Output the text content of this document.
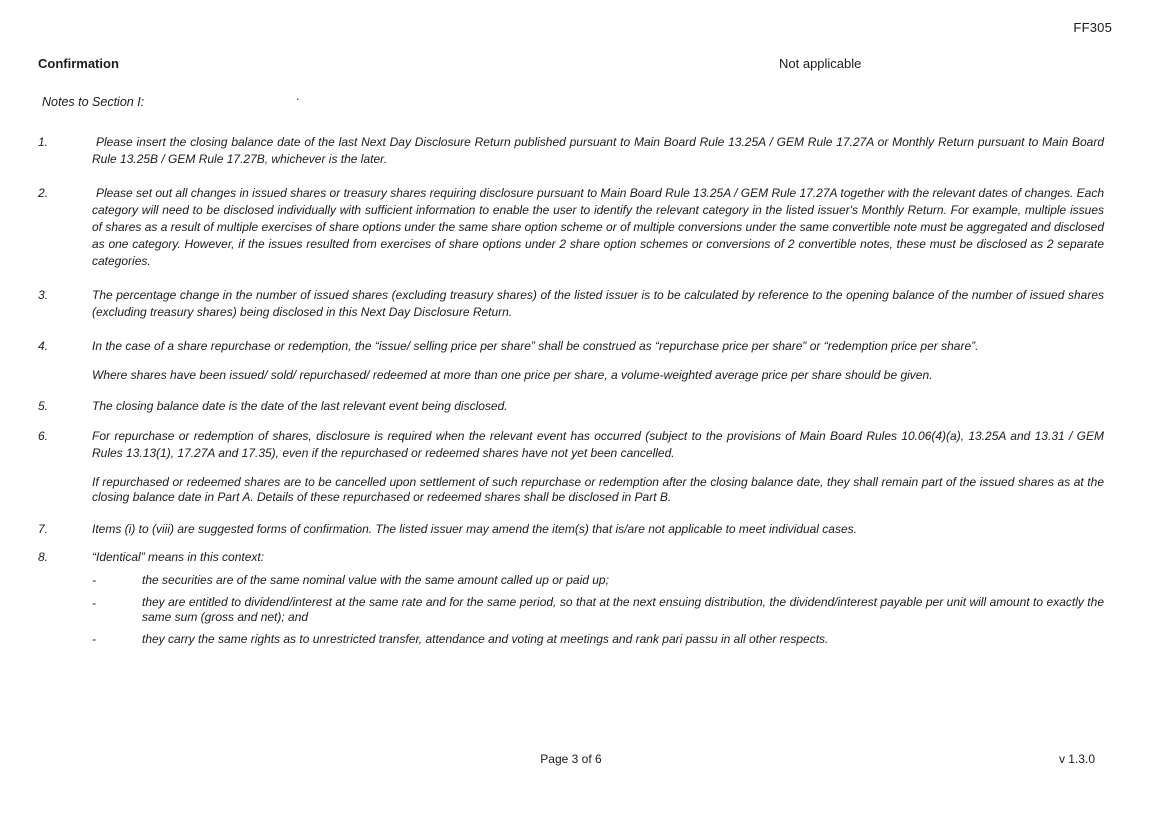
FF305
Confirmation	Not applicable
Notes to Section I:	.
1.	Please insert the closing balance date of the last Next Day Disclosure Return published pursuant to Main Board Rule 13.25A / GEM Rule 17.27A or Monthly Return pursuant to Main Board Rule 13.25B / GEM Rule 17.27B, whichever is the later.

2.	Please set out all changes in issued shares or treasury shares requiring disclosure pursuant to Main Board Rule 13.25A / GEM Rule 17.27A together with the relevant dates of changes. Each category will need to be disclosed individually with sufficient information to enable the user to identify the relevant category in the listed issuer's Monthly Return. For example, multiple issues of shares as a result of multiple exercises of share options under the same share option scheme or of multiple conversions under the same convertible note must be aggregated and disclosed as one category. However, if the issues resulted from exercises of share options under 2 share option schemes or conversions of 2 convertible notes, these must be disclosed as 2 separate categories.

3.	The percentage change in the number of issued shares (excluding treasury shares) of the listed issuer is to be calculated by reference to the opening balance of the number of issued shares (excluding treasury shares) being disclosed in this Next Day Disclosure Return.

4.	In the case of a share repurchase or redemption, the “issue/ selling price per share” shall be construed as “repurchase price per share” or “redemption price per share”.

Where shares have been issued/ sold/ repurchased/ redeemed at more than one price per share, a volume-weighted average price per share should be given.

5.	The closing balance date is the date of the last relevant event being disclosed.

6.	For repurchase or redemption of shares, disclosure is required when the relevant event has occurred (subject to the provisions of Main Board Rules 10.06(4)(a), 13.25A and 13.31 / GEM Rules 13.13(1), 17.27A and 17.35), even if the repurchased or redeemed shares have not yet been cancelled.

If repurchased or redeemed shares are to be cancelled upon settlement of such repurchase or redemption after the closing balance date, they shall remain part of the issued shares as at the closing balance date in Part A. Details of these repurchased or redeemed shares shall be disclosed in Part B.

7.	Items (i) to (viii) are suggested forms of confirmation. The listed issuer may amend the item(s) that is/are not applicable to meet individual cases.

8.	“Identical” means in this context:

-	the securities are of the same nominal value with the same amount called up or paid up;
-	they are entitled to dividend/interest at the same rate and for the same period, so that at the next ensuing distribution, the dividend/interest payable per unit will amount to exactly the same sum (gross and net); and
-	they carry the same rights as to unrestricted transfer, attendance and voting at meetings and rank pari passu in all other respects.
Page 3 of 6	v 1.3.0
